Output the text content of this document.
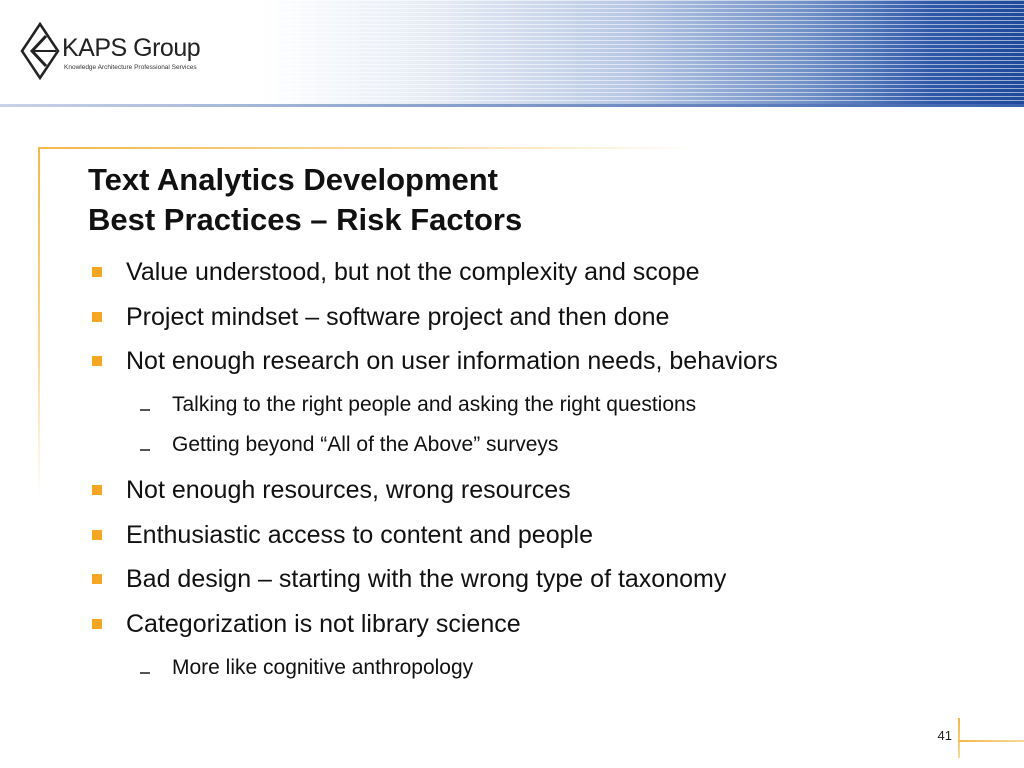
KAPS Group
Knowledge Architecture Professional Services
Text Analytics Development
Best Practices – Risk Factors
Value understood, but not the complexity and scope
Project mindset – software project and then done
Not enough research on user information needs, behaviors
Talking to the right people and asking the right questions
Getting beyond “All of the Above” surveys
Not enough resources, wrong resources
Enthusiastic access to content and people
Bad design – starting with the wrong type of taxonomy
Categorization is not library science
More like cognitive anthropology
41
